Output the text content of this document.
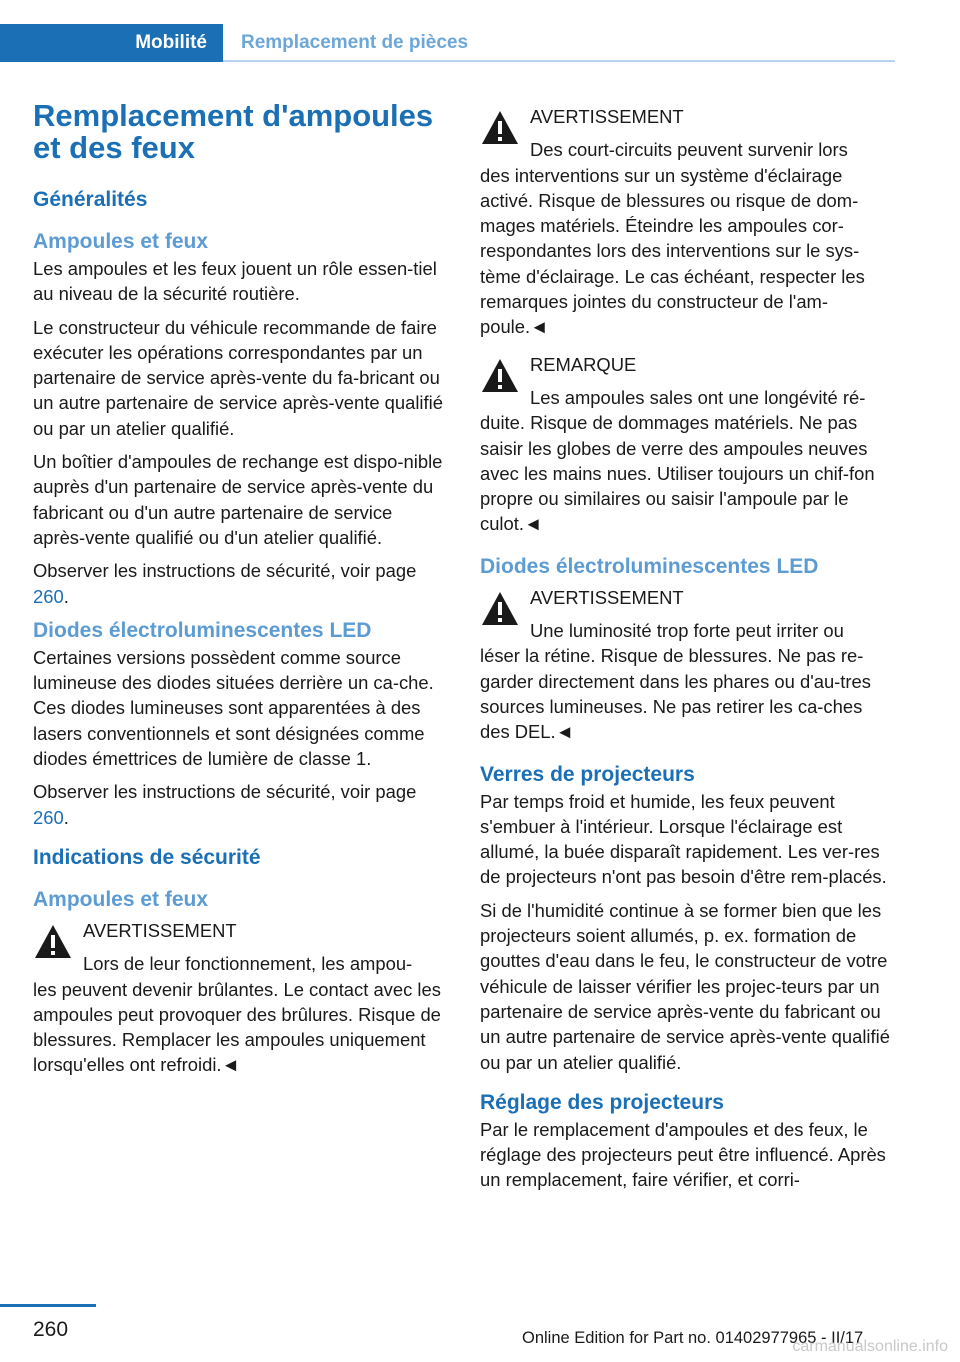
Mobilité Remplacement de pièces
Remplacement d'ampoules et des feux
Généralités
Ampoules et feux

Les ampoules et les feux jouent un rôle essen-tiel au niveau de la sécurité routière.

Le constructeur du véhicule recommande de faire exécuter les opérations correspondantes par un partenaire de service après-vente du fa-bricant ou un autre partenaire de service après-vente qualifié ou par un atelier qualifié.

Un boîtier d'ampoules de rechange est dispo-nible auprès d'un partenaire de service après-vente du fabricant ou d'un autre partenaire de service après-vente qualifié ou d'un atelier qualifié.

Observer les instructions de sécurité, voir page 260.

Diodes électroluminescentes LED

Certaines versions possèdent comme source lumineuse des diodes situées derrière un ca-che. Ces diodes lumineuses sont apparentées à des lasers conventionnels et sont désignées comme diodes émettrices de lumière de classe 1.

Observer les instructions de sécurité, voir page 260.

Indications de sécurité
Ampoules et feux
AVERTISSEMENT
Lors de leur fonctionnement, les ampou-
les peuvent devenir brûlantes. Le contact avec les ampoules peut provoquer des brûlures. Risque de blessures. Remplacer les ampoules uniquement lorsqu'elles ont refroidi.◄
AVERTISSEMENT
Des court-circuits peuvent survenir lors
des interventions sur un système d'éclairage activé. Risque de blessures ou risque de dom-mages matériels. Éteindre les ampoules cor-respondantes lors des interventions sur le sys-tème d'éclairage. Le cas échéant, respecter les remarques jointes du constructeur de l'am-poule.◄
REMARQUE
Les ampoules sales ont une longévité ré-
duite. Risque de dommages matériels. Ne pas saisir les globes de verre des ampoules neuves avec les mains nues. Utiliser toujours un chif-fon propre ou similaires ou saisir l'ampoule par le culot.◄
Diodes électroluminescentes LED
AVERTISSEMENT
Une luminosité trop forte peut irriter ou
léser la rétine. Risque de blessures. Ne pas re-garder directement dans les phares ou d'au-tres sources lumineuses. Ne pas retirer les ca-ches des DEL.◄
Verres de projecteurs

Par temps froid et humide, les feux peuvent s'embuer à l'intérieur. Lorsque l'éclairage est allumé, la buée disparaît rapidement. Les ver-res de projecteurs n'ont pas besoin d'être rem-placés.

Si de l'humidité continue à se former bien que les projecteurs soient allumés, p. ex. formation de gouttes d'eau dans le feu, le constructeur de votre véhicule de laisser vérifier les projec-teurs par un partenaire de service après-vente du fabricant ou un autre partenaire de service après-vente qualifié ou par un atelier qualifié.

Réglage des projecteurs

Par le remplacement d'ampoules et des feux, le réglage des projecteurs peut être influencé. Après un remplacement, faire vérifier, et corri-

260	Online Edition for Part no. 01402977965 - II/17
carmanualsonline.info
